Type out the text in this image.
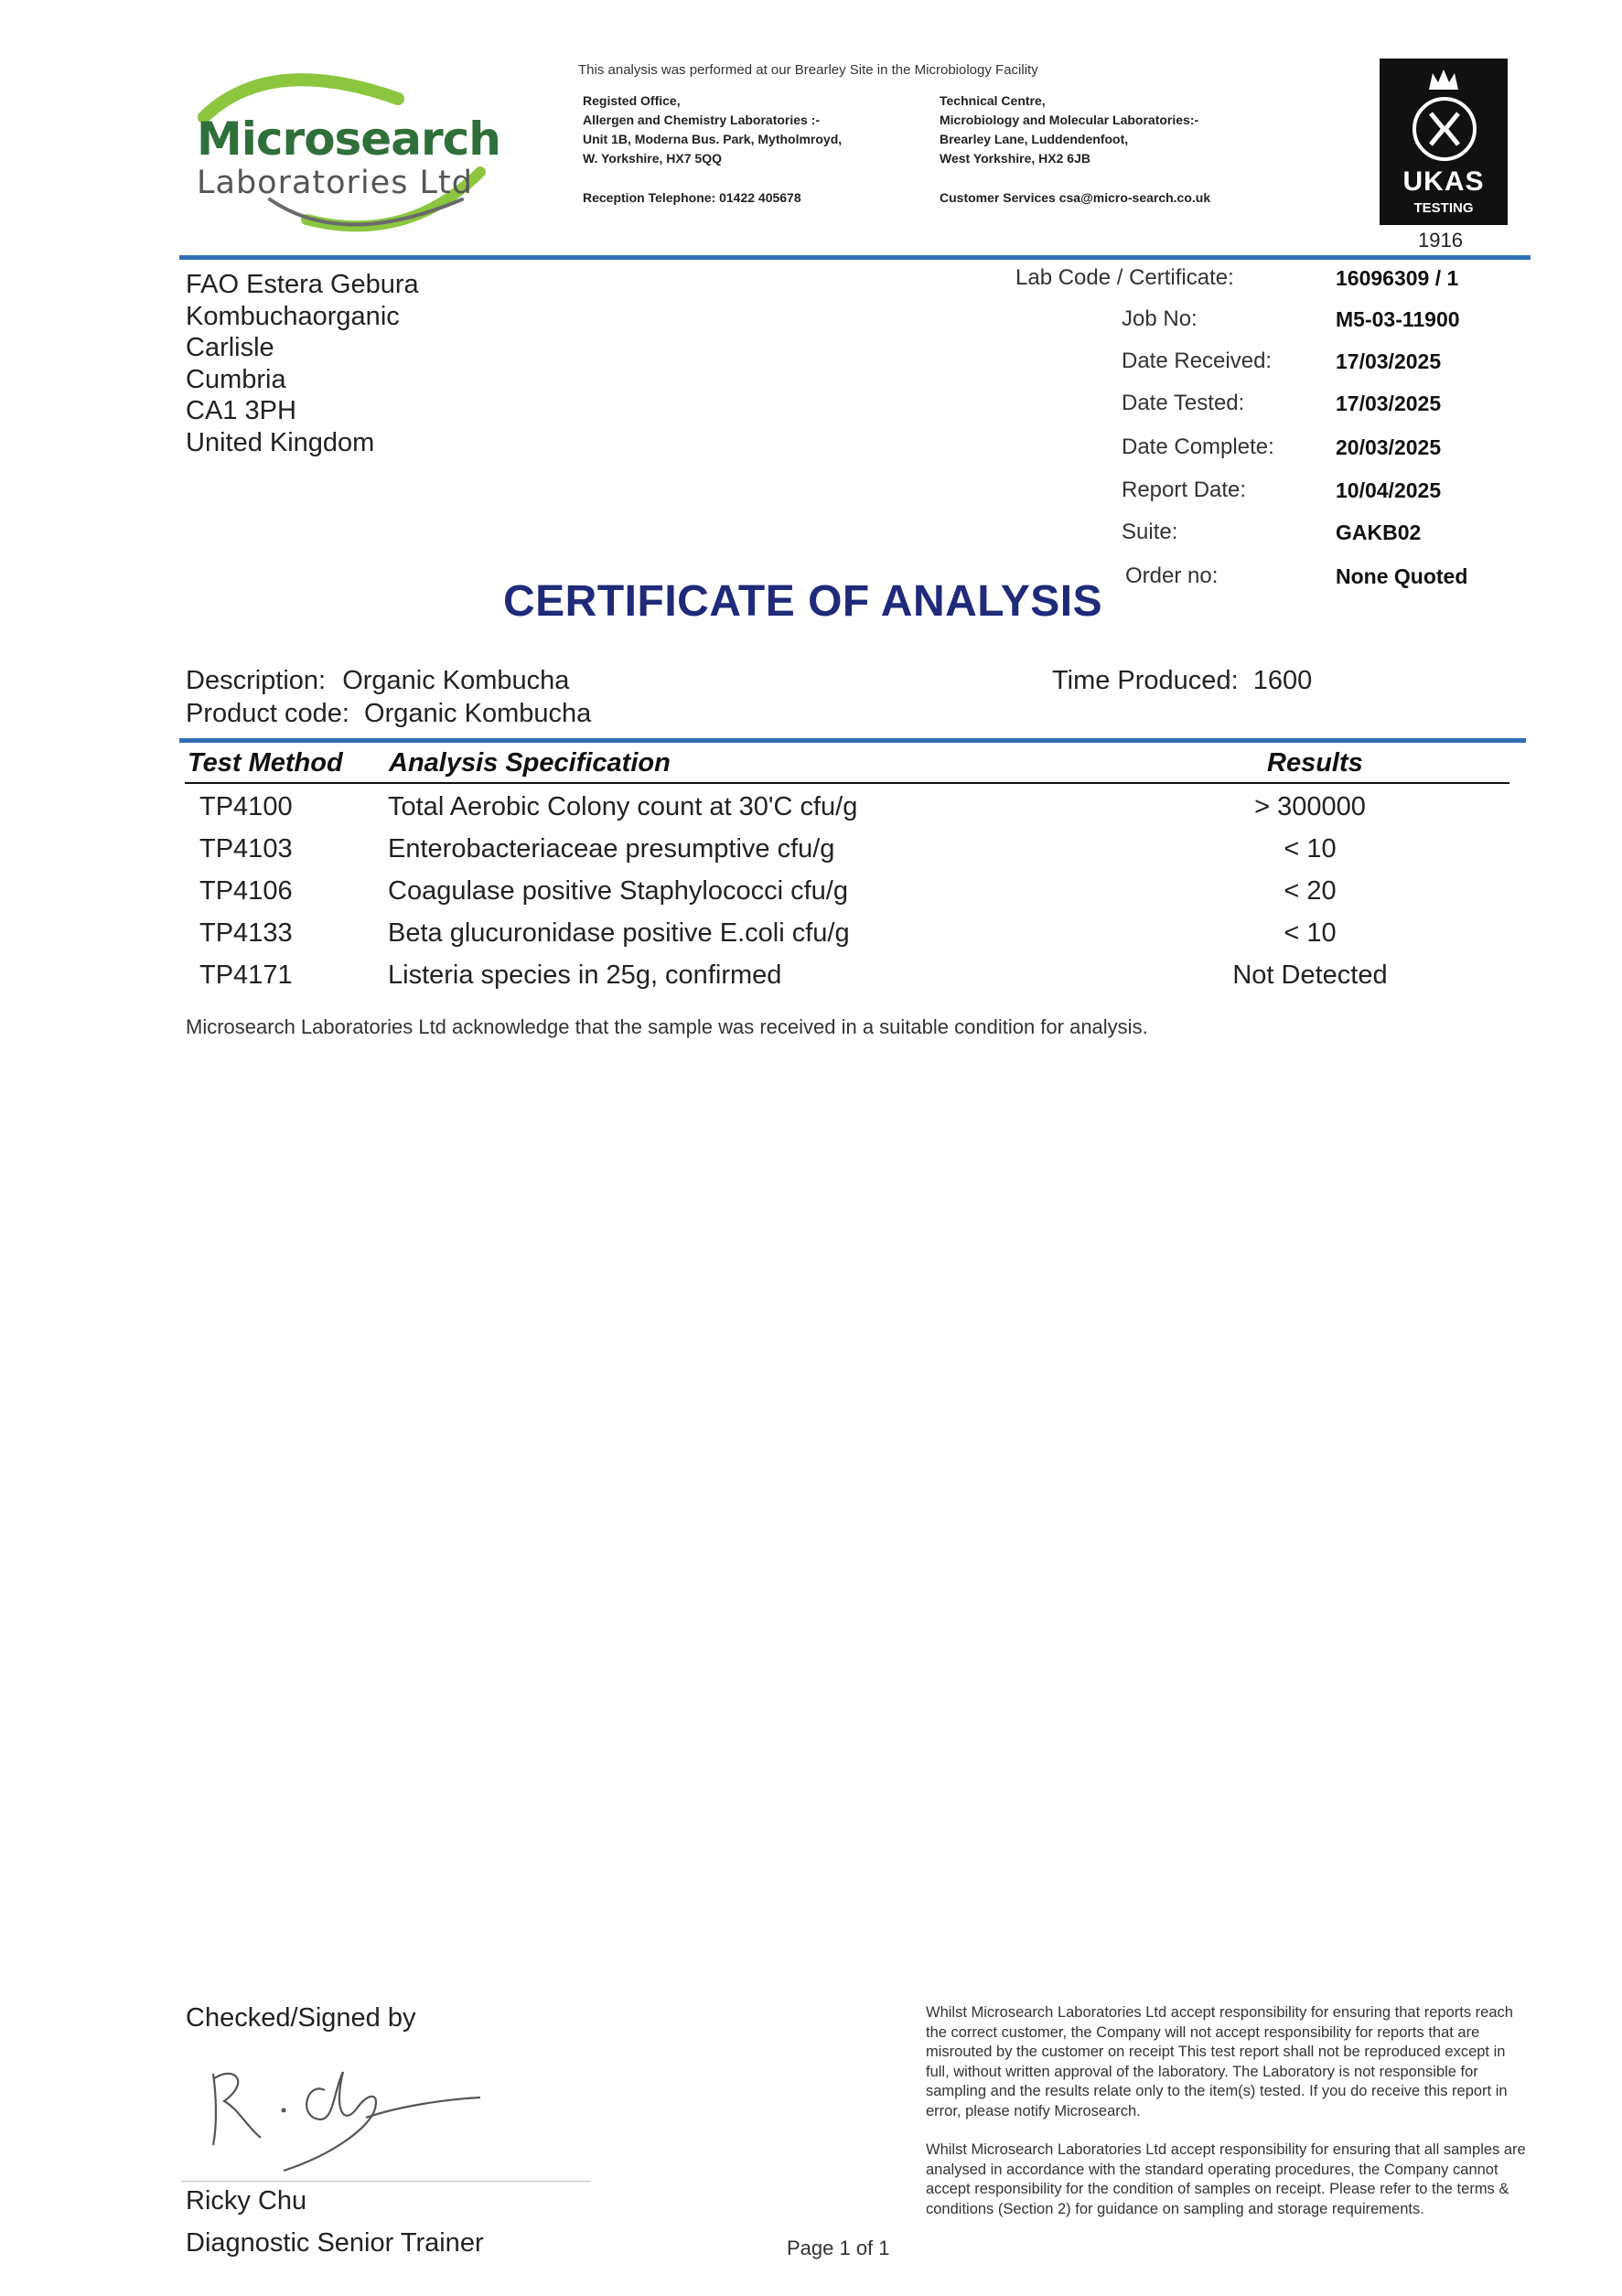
Microsearch
Laboratories Ltd
This analysis was performed at our Brearley Site in the Microbiology Facility
Registed Office,
Allergen and Chemistry Laboratories :-
Unit 1B, Moderna Bus. Park, Mytholmroyd,
W. Yorkshire, HX7 5QQ
Technical Centre,
Microbiology and Molecular Laboratories:-
Brearley Lane, Luddendenfoot,
West Yorkshire, HX2 6JB
Reception Telephone: 01422 405678	Customer Services csa@micro-search.co.uk
UKAS
TESTING
1916
FAO Estera Gebura
Kombuchaorganic
Carlisle
Cumbria
CA1 3PH
United Kingdom
Lab Code / Certificate:	16096309 / 1
Job No:	M5-03-11900
Date Received:	17/03/2025
Date Tested:	17/03/2025
Date Complete:	20/03/2025
Report Date:	10/04/2025
Suite:	GAKB02
Order no:	None Quoted
CERTIFICATE OF ANALYSIS
Description: Organic Kombucha
Product code: Organic Kombucha
Time Produced: 1600
Test Method Analysis Specification	Results
TP4100	Total Aerobic Colony count at 30'C cfu/g	> 300000
TP4103	Enterobacteriaceae presumptive cfu/g	< 10
TP4106	Coagulase positive Staphylococci cfu/g	< 20
TP4133	Beta glucuronidase positive E.coli cfu/g	< 10
TP4171	Listeria species in 25g, confirmed	Not Detected
Microsearch Laboratories Ltd acknowledge that the sample was received in a suitable condition for analysis.
Checked/Signed by
Ricky Chu
Diagnostic Senior Trainer	Page 1 of 1
Whilst Microsearch Laboratories Ltd accept responsibility for ensuring that reports reach the correct customer, the Company will not accept responsibility for reports that are misrouted by the customer on receipt This test report shall not be reproduced except in full, without written approval of the laboratory. The Laboratory is not responsible for sampling and the results relate only to the item(s) tested. If you do receive this report in error, please notify Microsearch.
Whilst Microsearch Laboratories Ltd accept responsibility for ensuring that all samples are analysed in accordance with the standard operating procedures, the Company cannot accept responsibility for the condition of samples on receipt. Please refer to the terms & conditions (Section 2) for guidance on sampling and storage requirements.
